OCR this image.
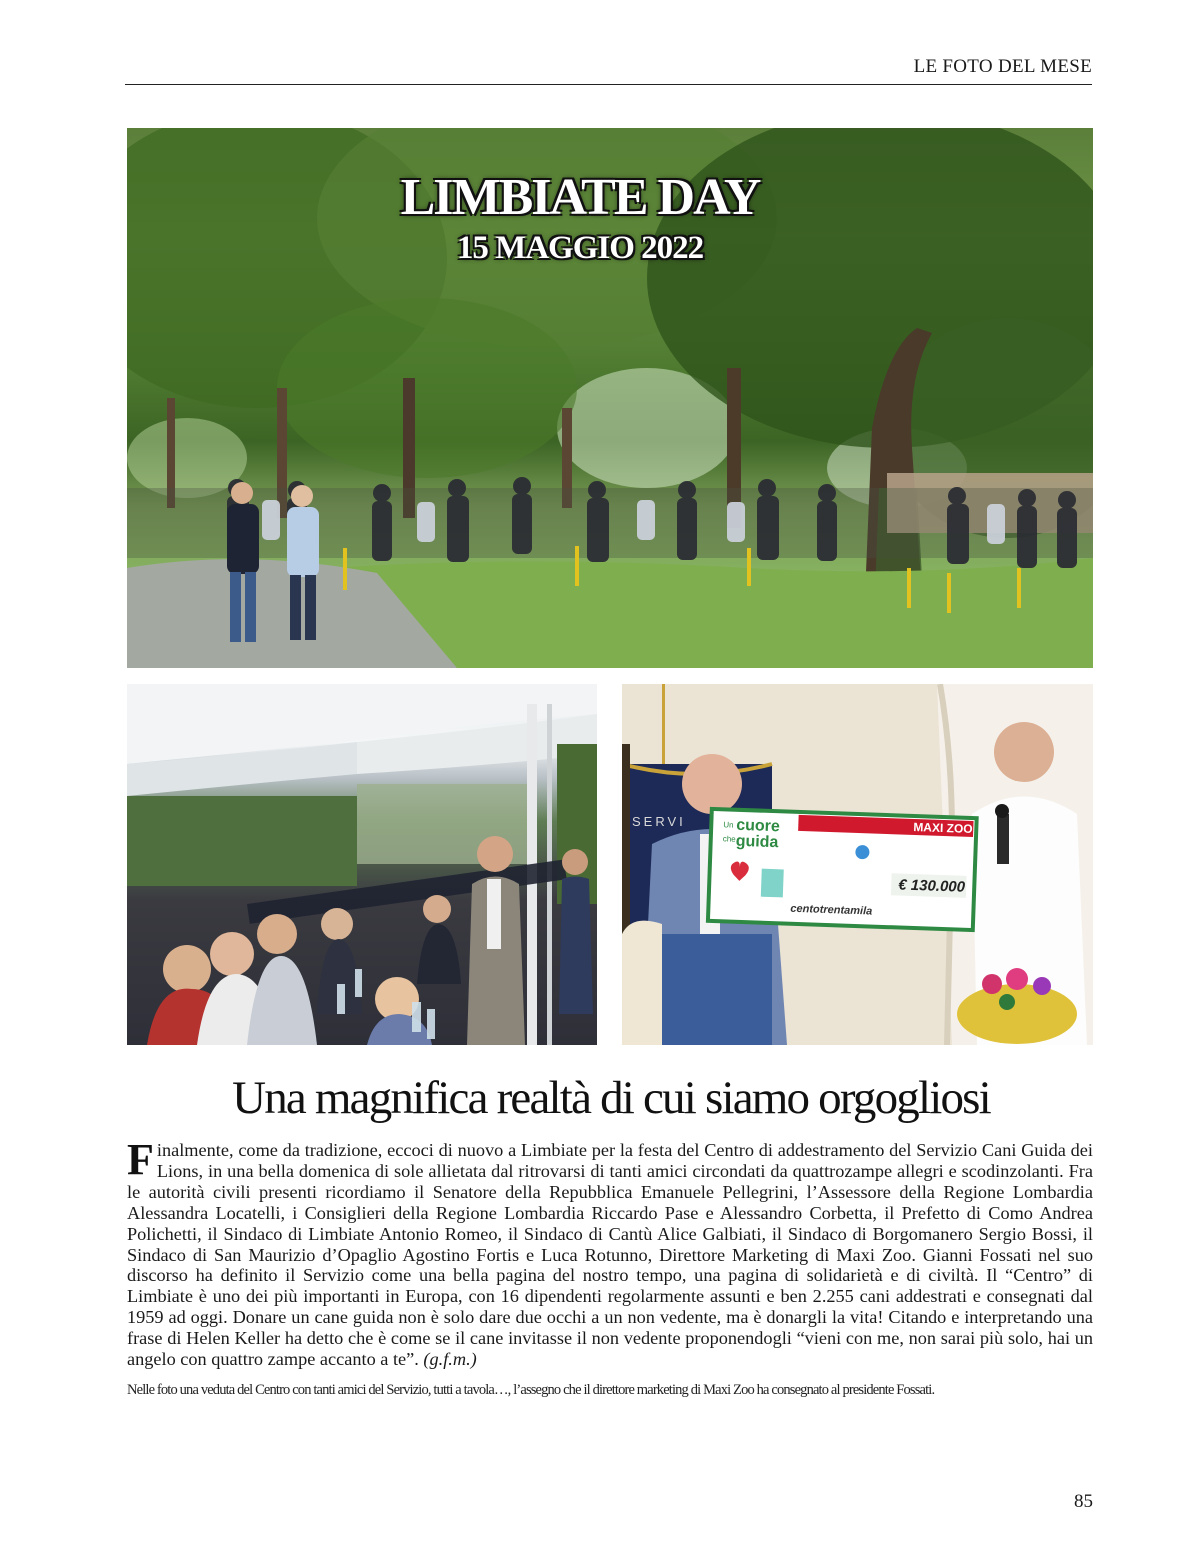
LE FOTO DEL MESE
LIMBIATE DAY
15 MAGGIO 2022
MAXI ZOO
Un cuore
che guida
€ 130.000
centotrentamila
SERVI
Una magnifica realtà di cui siamo orgogliosi
Finalmente, come da tradizione, eccoci di nuovo a Limbiate per la festa del Centro di addestramento del Servizio Cani Guida dei Lions, in una bella domenica di sole allietata dal ritrovarsi di tanti amici circondati da quattrozampe allegri e scodinzolanti. Fra le autorità civili presenti ricordiamo il Senatore della Repubblica Emanuele Pellegrini, l’Assessore della Regione Lombardia Alessandra Locatelli, i Consiglieri della Regione Lombardia Riccardo Pase e Alessandro Corbetta, il Prefetto di Como Andrea Polichetti, il Sindaco di Limbiate Antonio Romeo, il Sindaco di Cantù Alice Galbiati, il Sindaco di Borgomanero Sergio Bossi, il Sindaco di San Maurizio d’Opaglio Agostino Fortis e Luca Rotunno, Direttore Marketing di Maxi Zoo. Gianni Fossati nel suo discorso ha definito il Servizio come una bella pagina del nostro tempo, una pagina di solidarietà e di civiltà. Il “Centro” di Limbiate è uno dei più importanti in Europa, con 16 dipendenti regolarmente assunti e ben 2.255 cani addestrati e consegnati dal 1959 ad oggi. Donare un cane guida non è solo dare due occhi a un non vedente, ma è donargli la vita! Citando e interpretando una frase di Helen Keller ha detto che è come se il cane invitasse il non vedente proponendogli “vieni con me, non sarai più solo, hai un angelo con quattro zampe accanto a te”. (g.f.m.)
Nelle foto una veduta del Centro con tanti amici del Servizio, tutti a tavola…, l’assegno che il direttore marketing di Maxi Zoo ha consegnato al presidente Fossati.
85
